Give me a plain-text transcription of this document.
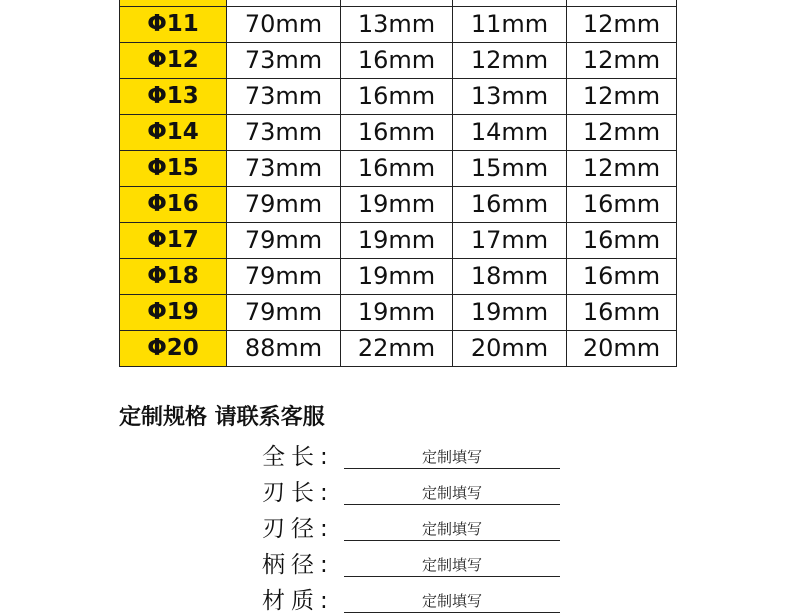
Φ11	70mm	13mm	11mm	12mm
Φ12	73mm	16mm	12mm	12mm
Φ13	73mm	16mm	13mm	12mm
Φ14	73mm	16mm	14mm	12mm
Φ15	73mm	16mm	15mm	12mm
Φ16	79mm	19mm	16mm	16mm
Φ17	79mm	19mm	17mm	16mm
Φ18	79mm	19mm	18mm	16mm
Φ19	79mm	19mm	19mm	16mm
Φ20	88mm	22mm	20mm	20mm
定制规格 请联系客服
全长:	定制填写
刃长:	定制填写
刃径:	定制填写
柄径:	定制填写
材质:	定制填写
